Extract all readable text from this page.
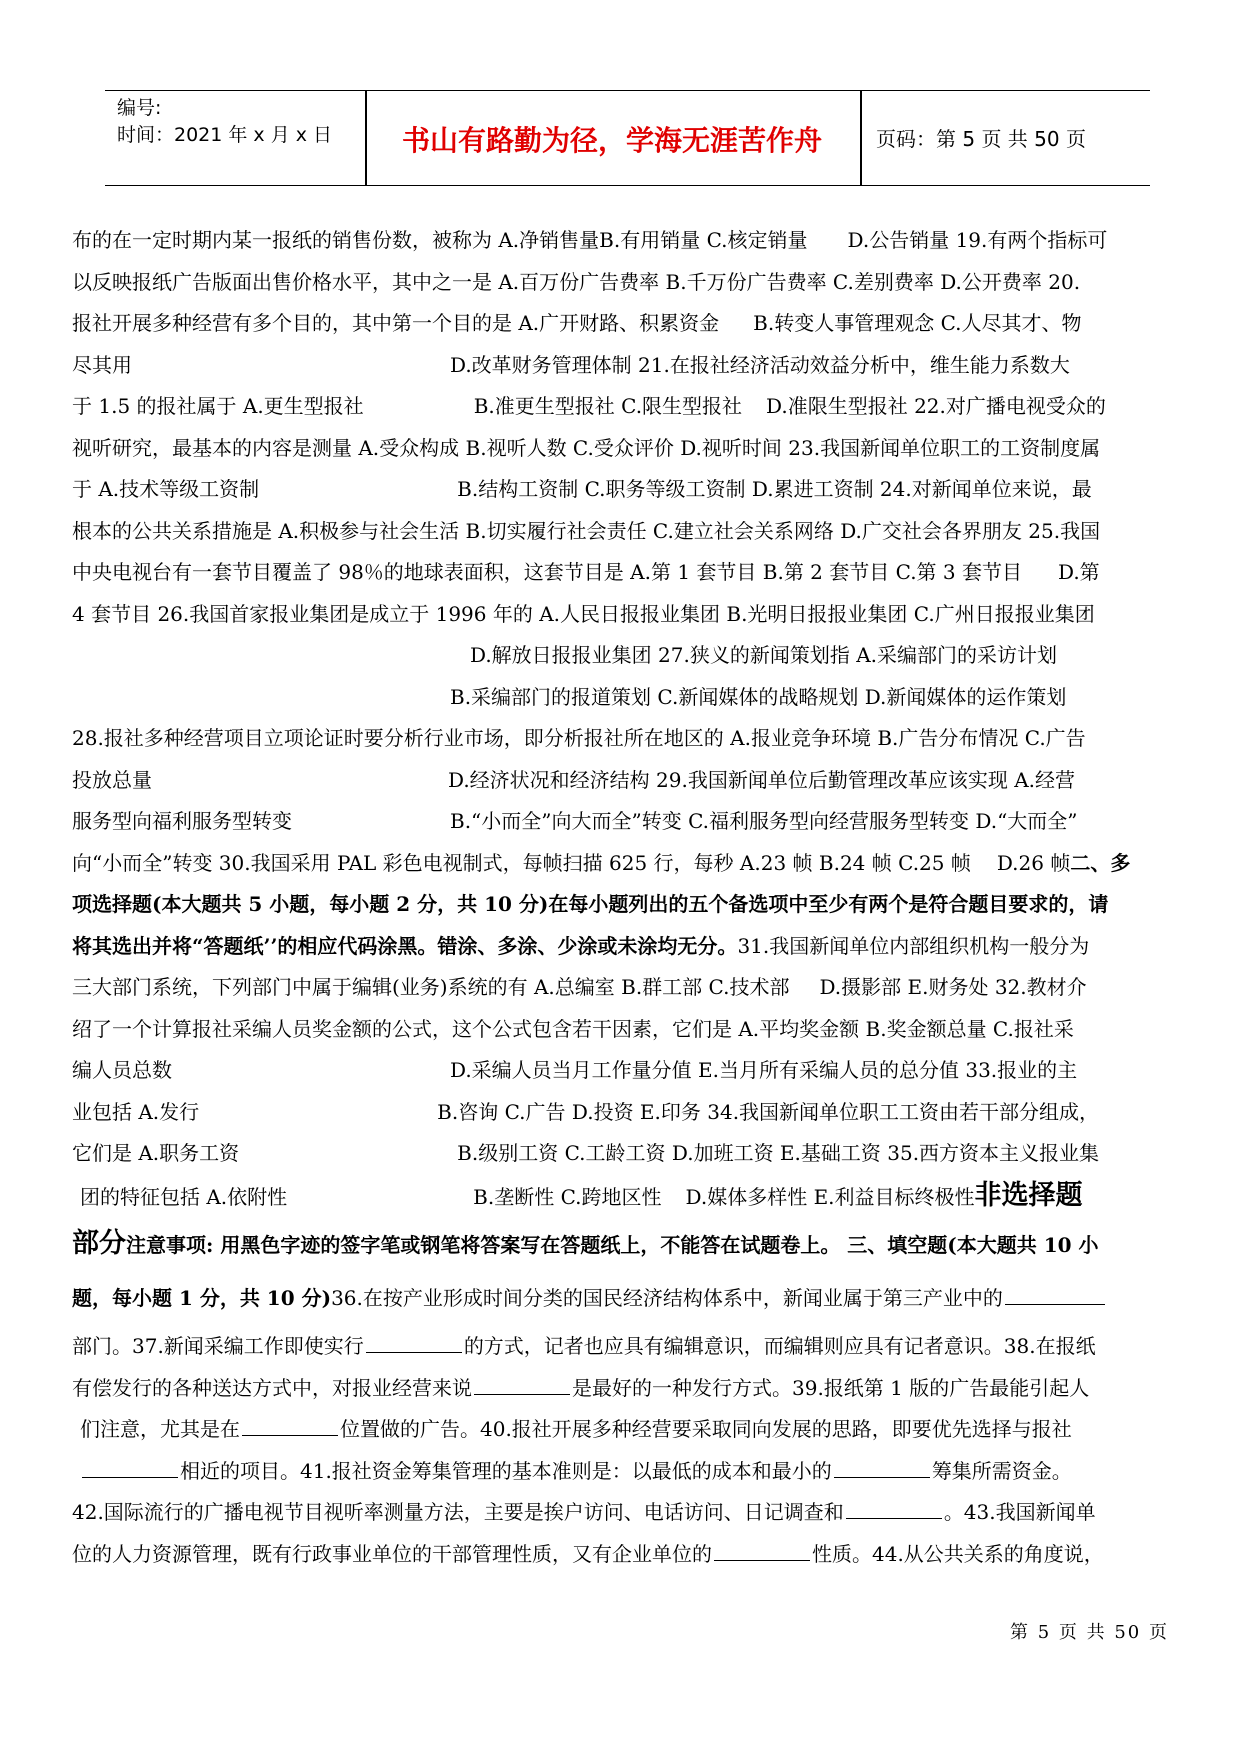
编号:
时间：2021 年 x 月 x 日	书山有路勤为径，学海无涯苦作舟	页码：第 5 页 共 50 页
布的在一定时期内某一报纸的销售份数，被称为 A.净销售量B.有用销量 C.核定销量 D.公告销量 19.有两个指标可
以反映报纸广告版面出售价格水平，其中之一是 A.百万份广告费率 B.千万份广告费率 C.差别费率 D.公开费率 20.
报社开展多种经营有多个目的，其中第一个目的是 A.广开财路、积累资金 B.转变人事管理观念 C.人尽其才、物
尽其用	D.改革财务管理体制 21.在报社经济活动效益分析中，维生能力系数大
于 1.5 的报社属于 A.更生型报社	B.准更生型报社 C.限生型报社 D.准限生型报社 22.对广播电视受众的
视听研究，最基本的内容是测量 A.受众构成 B.视听人数 C.受众评价 D.视听时间 23.我国新闻单位职工的工资制度属
于 A.技术等级工资制	B.结构工资制 C.职务等级工资制 D.累进工资制 24.对新闻单位来说，最
根本的公共关系措施是 A.积极参与社会生活 B.切实履行社会责任 C.建立社会关系网络 D.广交社会各界朋友 25.我国
中央电视台有一套节目覆盖了 98％的地球表面积，这套节目是 A.第 1 套节目 B.第 2 套节目 C.第 3 套节目 D.第
4 套节目 26.我国首家报业集团是成立于 1996 年的 A.人民日报报业集团 B.光明日报报业集团 C.广州日报报业集团
D.解放日报报业集团 27.狭义的新闻策划指 A.采编部门的采访计划
B.采编部门的报道策划 C.新闻媒体的战略规划 D.新闻媒体的运作策划
28.报社多种经营项目立项论证时要分析行业市场，即分析报社所在地区的 A.报业竞争环境 B.广告分布情况 C.广告
投放总量	D.经济状况和经济结构 29.我国新闻单位后勤管理改革应该实现 A.经营
服务型向福利服务型转变	B.“小而全”向大而全”转变 C.福利服务型向经营服务型转变 D.“大而全”
向“小而全”转变 30.我国采用 PAL 彩色电视制式，每帧扫描 625 行，每秒 A.23 帧 B.24 帧 C.25 帧 D.26 帧二、多
项选择题(本大题共 5 小题，每小题 2 分，共 10 分)在每小题列出的五个备选项中至少有两个是符合题目要求的，请
将其选出并将“答题纸’’的相应代码涂黑。错涂、多涂、少涂或未涂均无分。31.我国新闻单位内部组织机构一般分为
三大部门系统，下列部门中属于编辑(业务)系统的有 A.总编室 B.群工部 C.技术部 D.摄影部 E.财务处 32.教材介
绍了一个计算报社采编人员奖金额的公式，这个公式包含若干因素，它们是 A.平均奖金额 B.奖金额总量 C.报社采
编人员总数	D.采编人员当月工作量分值 E.当月所有采编人员的总分值 33.报业的主
业包括 A.发行	B.咨询 C.广告 D.投资 E.印务 34.我国新闻单位职工工资由若干部分组成，
它们是 A.职务工资	B.级别工资 C.工龄工资 D.加班工资 E.基础工资 35.西方资本主义报业集
团的特征包括 A.依附性	B.垄断性 C.跨地区性 D.媒体多样性 E.利益目标终极性非选择题
部分注意事项: 用黑色字迹的签字笔或钢笔将答案写在答题纸上，不能答在试题卷上。 三、填空题(本大题共 10 小
题，每小题 1 分，共 10 分)36.在按产业形成时间分类的国民经济结构体系中，新闻业属于第三产业中的
部门。37.新闻采编工作即使实行	的方式，记者也应具有编辑意识，而编辑则应具有记者意识。38.在报纸
有偿发行的各种送达方式中，对报业经营来说	是最好的一种发行方式。39.报纸第 1 版的广告最能引起人
们注意，尤其是在	位置做的广告。40.报社开展多种经营要采取同向发展的思路，即要优先选择与报社
相近的项目。41.报社资金筹集管理的基本准则是：以最低的成本和最小的	筹集所需资金。
42.国际流行的广播电视节目视听率测量方法，主要是挨户访问、电话访问、日记调查和	。43.我国新闻单
位的人力资源管理，既有行政事业单位的干部管理性质，又有企业单位的	性质。44.从公共关系的角度说，
第 5 页 共 50 页
